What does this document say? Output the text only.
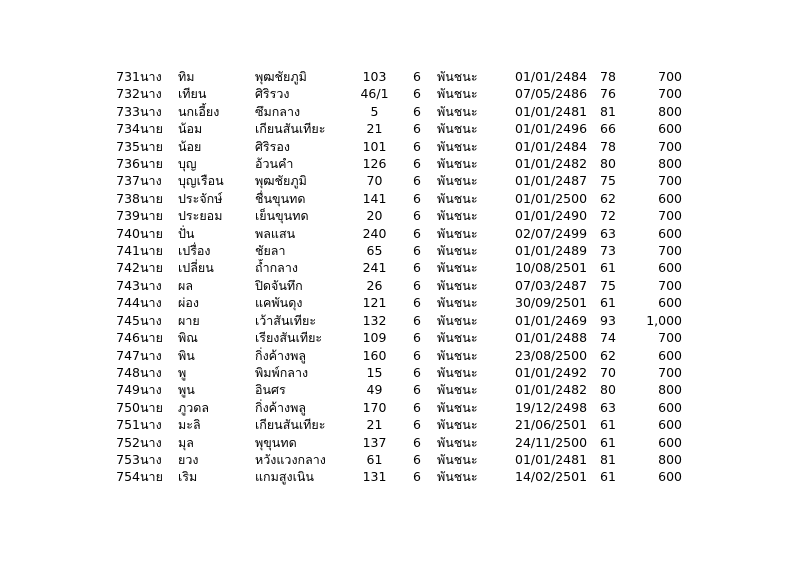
731	นาง	ทิม	พุฒชัยภูมิ	103	6	พันชนะ	01/01/2484	78	700
732	นาง	เทียน	ศิริรวง	46/1	6	พันชนะ	07/05/2486	76	700
733	นาง	นกเอี้ยง	ซึมกลาง	5	6	พันชนะ	01/01/2481	81	800
734	นาย	น้อม	เกียนสันเทียะ	21	6	พันชนะ	01/01/2496	66	600
735	นาย	น้อย	ศิริรอง	101	6	พันชนะ	01/01/2484	78	700
736	นาย	บุญ	อ้วนคำ	126	6	พันชนะ	01/01/2482	80	800
737	นาง	บุญเรือน	พุฒชัยภูมิ	70	6	พันชนะ	01/01/2487	75	700
738	นาย	ประจักษ์	ชื่นขุนทด	141	6	พันชนะ	01/01/2500	62	600
739	นาย	ประยอม	เย็นขุนทด	20	6	พันชนะ	01/01/2490	72	700
740	นาย	ปั่น	พลแสน	240	6	พันชนะ	02/07/2499	63	600
741	นาย	เปรื่อง	ชัยลา	65	6	พันชนะ	01/01/2489	73	700
742	นาย	เปลี่ยน	ถ้ำกลาง	241	6	พันชนะ	10/08/2501	61	600
743	นาง	ผล	ปิดจันทึก	26	6	พันชนะ	07/03/2487	75	700
744	นาง	ผ่อง	แคพันดุง	121	6	พันชนะ	30/09/2501	61	600
745	นาง	ผาย	เว้าสันเทียะ	132	6	พันชนะ	01/01/2469	93	1,000
746	นาย	พิณ	เรียงสันเทียะ	109	6	พันชนะ	01/01/2488	74	700
747	นาง	พิน	กิ่งค้างพลู	160	6	พันชนะ	23/08/2500	62	600
748	นาง	พู	พิมพ์กลาง	15	6	พันชนะ	01/01/2492	70	700
749	นาง	พูน	อินศร	49	6	พันชนะ	01/01/2482	80	800
750	นาย	ภูวดล	กิ่งค้างพลู	170	6	พันชนะ	19/12/2498	63	600
751	นาง	มะลิ	เกียนสันเทียะ	21	6	พันชนะ	21/06/2501	61	600
752	นาง	มุล	พุขุนทด	137	6	พันชนะ	24/11/2500	61	600
753	นาง	ยวง	หวังแวงกลาง	61	6	พันชนะ	01/01/2481	81	800
754	นาย	เริม	แกมสูงเนิน	131	6	พันชนะ	14/02/2501	61	600
